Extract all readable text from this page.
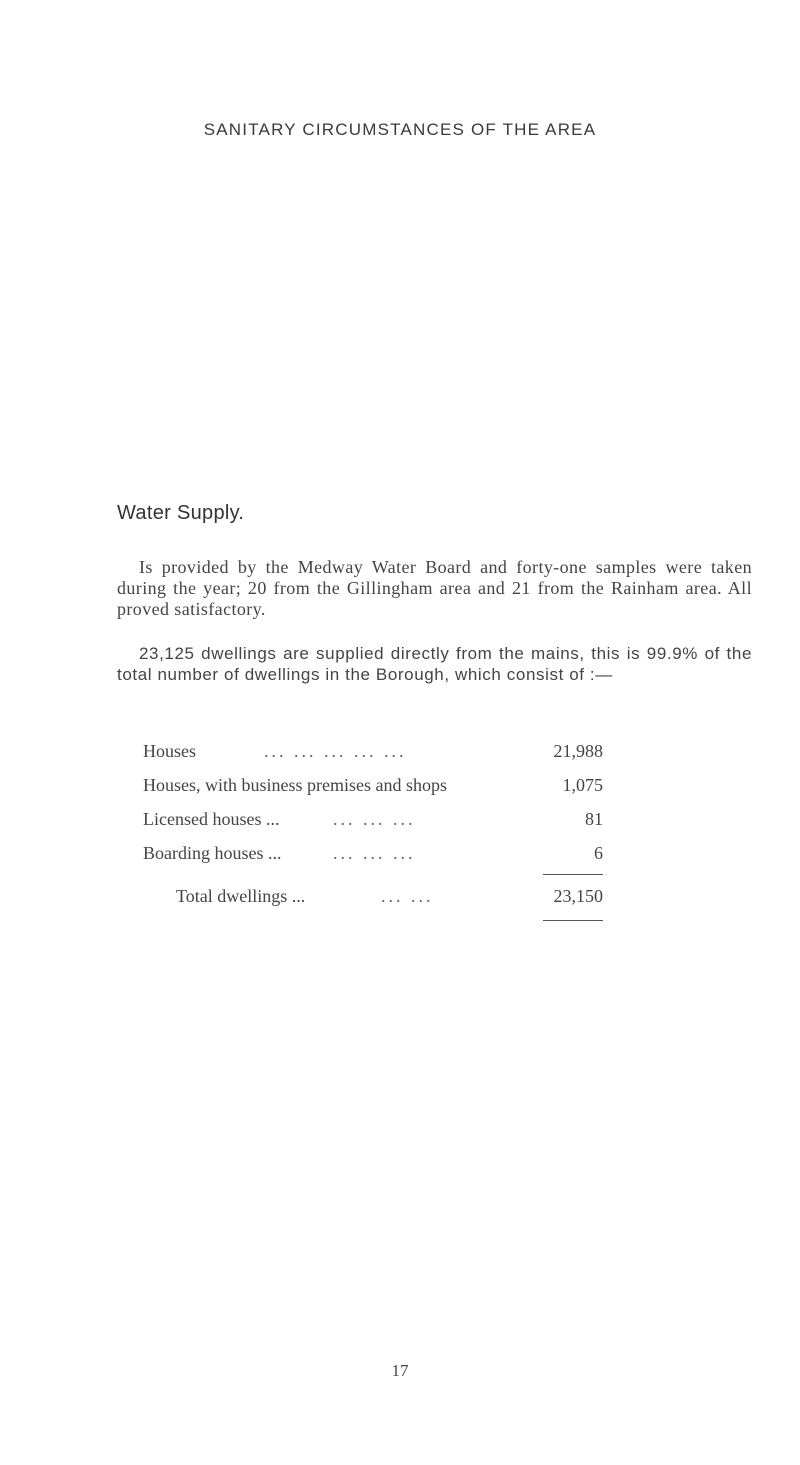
SANITARY CIRCUMSTANCES OF THE AREA
Water Supply.

Is provided by the Medway Water Board and forty-one samples were taken during the year; 20 from the Gillingham area and 21 from the Rainham area. All proved satisfactory.

23,125 dwellings are supplied directly from the mains, this is 99.9% of the total number of dwellings in the Borough, which consist of :—

Houses	... ... ... ... ...	21,988
Houses, with business premises and shops	1,075
Licensed houses ...	... ... ...	81
Boarding houses ...	... ... ...	6
Total dwellings ...	... ...	23,150
17
